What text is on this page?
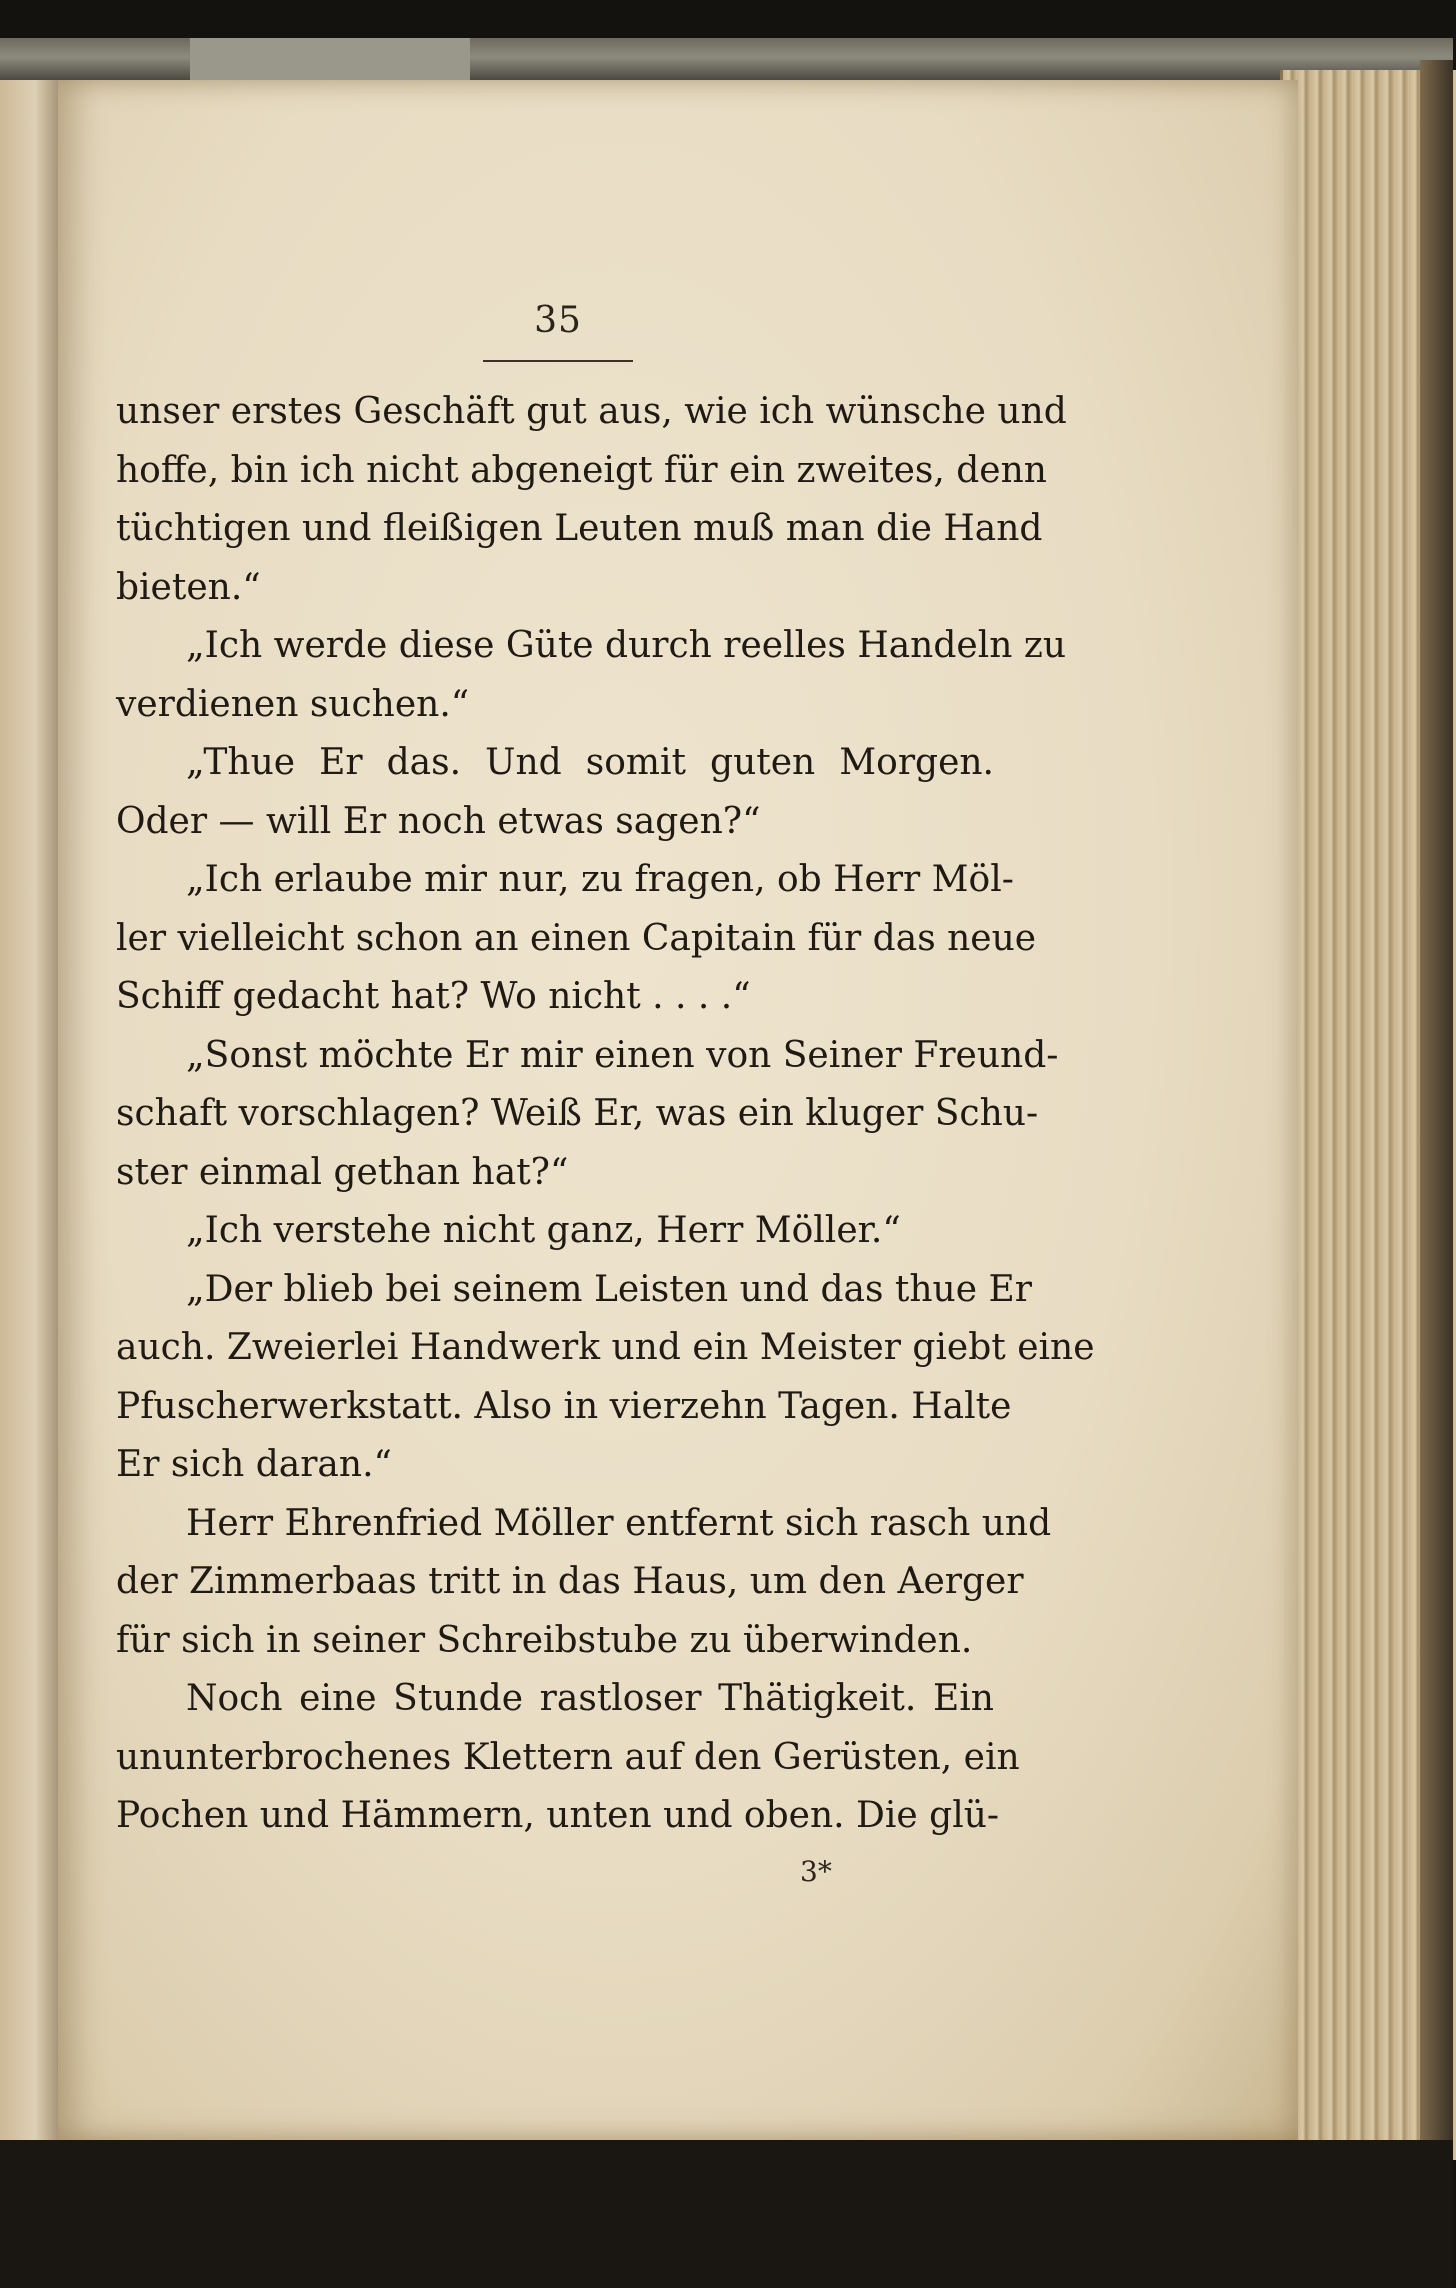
35
unser erstes Geschäft gut aus, wie ich wünsche und
hoffe, bin ich nicht abgeneigt für ein zweites, denn
tüchtigen und fleißigen Leuten muß man die Hand
bieten.“
„Ich werde diese Güte durch reelles Handeln zu
verdienen suchen.“
„Thue Er das. Und somit guten Morgen.
Oder — will Er noch etwas sagen?“
„Ich erlaube mir nur, zu fragen, ob Herr Möl-
ler vielleicht schon an einen Capitain für das neue
Schiff gedacht hat? Wo nicht . . . .“
„Sonst möchte Er mir einen von Seiner Freund-
schaft vorschlagen? Weiß Er, was ein kluger Schu-
ster einmal gethan hat?“
„Ich verstehe nicht ganz, Herr Möller.“
„Der blieb bei seinem Leisten und das thue Er
auch. Zweierlei Handwerk und ein Meister giebt eine
Pfuscherwerkstatt. Also in vierzehn Tagen. Halte
Er sich daran.“
Herr Ehrenfried Möller entfernt sich rasch und
der Zimmerbaas tritt in das Haus, um den Aerger
für sich in seiner Schreibstube zu überwinden.
Noch eine Stunde rastloser Thätigkeit. Ein
ununterbrochenes Klettern auf den Gerüsten, ein
Pochen und Hämmern, unten und oben. Die glü-
3*
